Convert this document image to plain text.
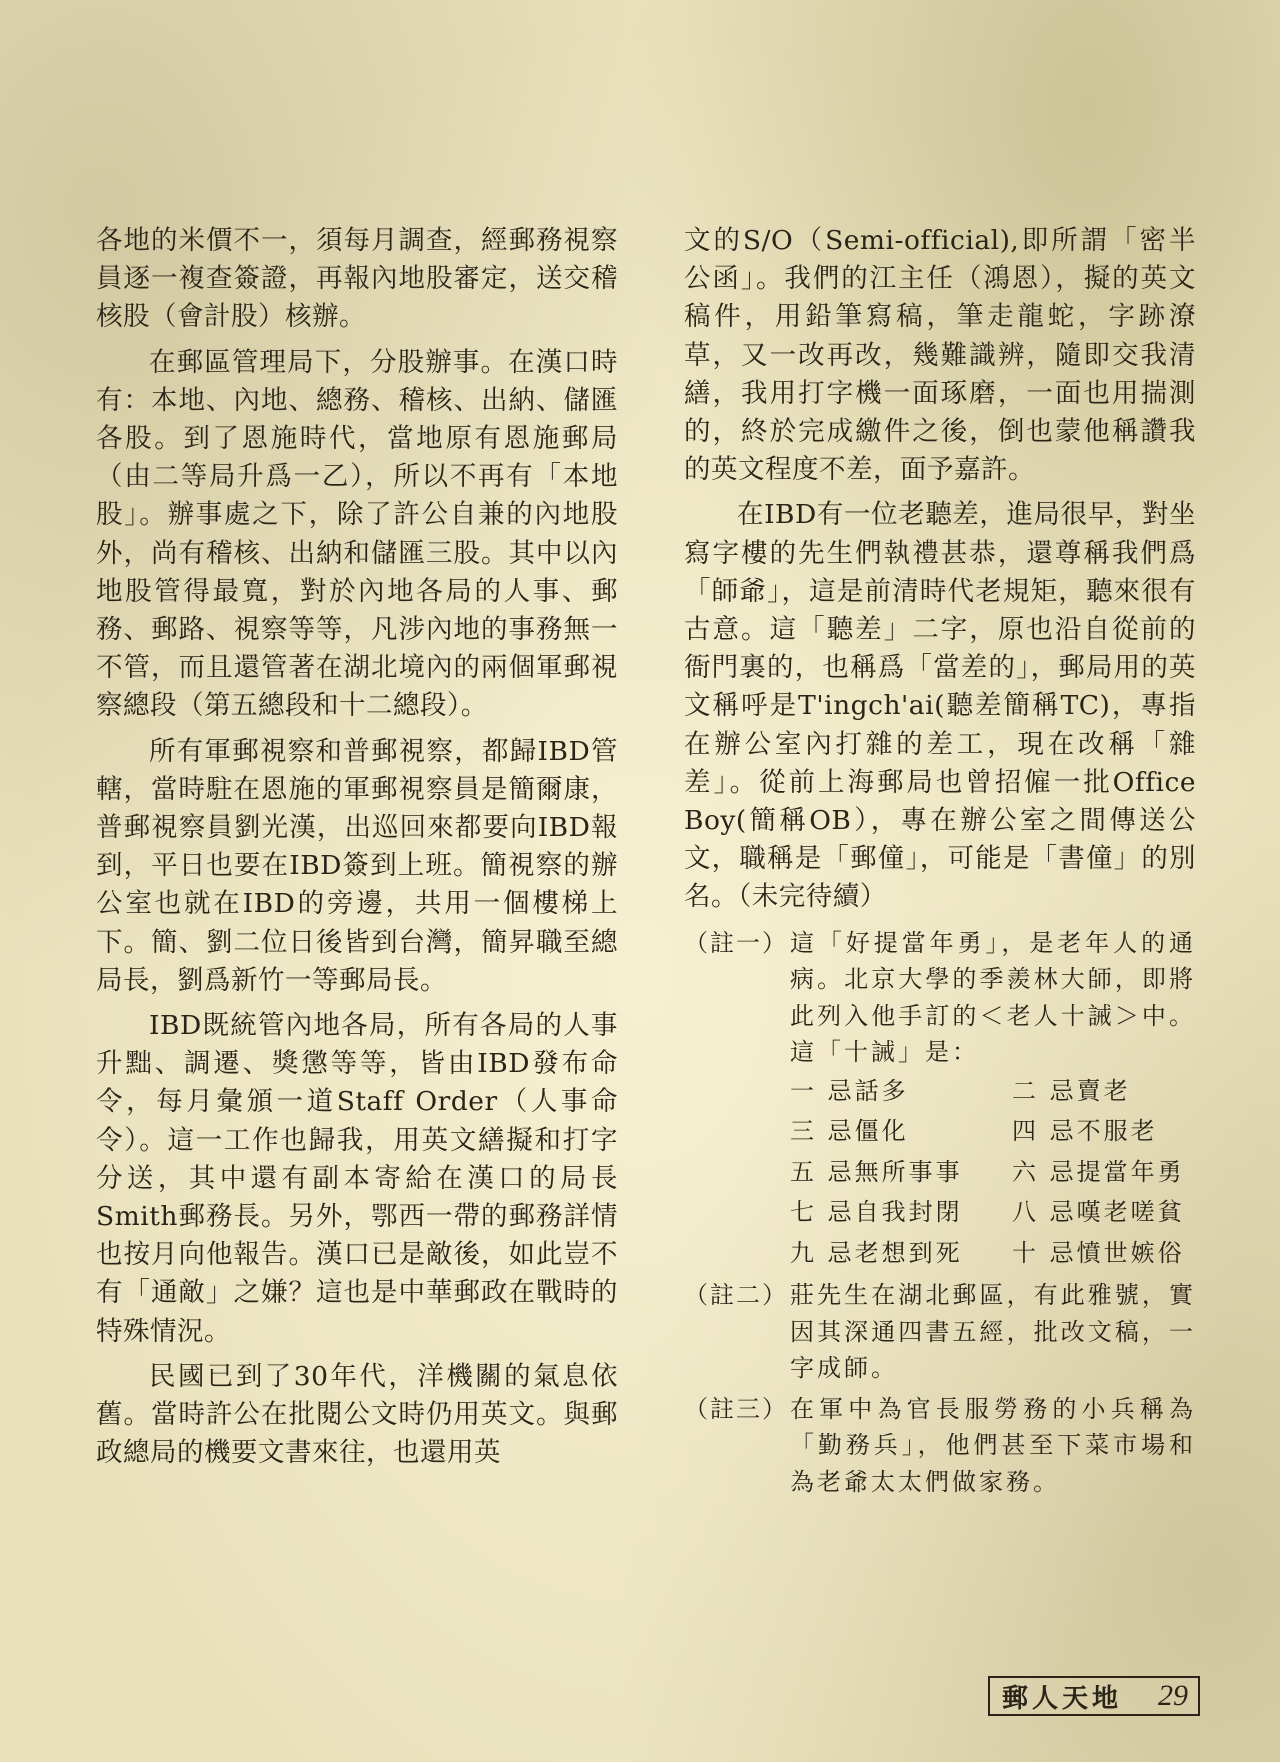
各地的米價不一，須每月調查，經郵務視察員逐一複查簽證，再報內地股審定，送交稽核股（會計股）核辦。

在郵區管理局下，分股辦事。在漢口時有：本地、內地、總務、稽核、出納、儲匯各股。到了恩施時代，當地原有恩施郵局（由二等局升爲一乙），所以不再有「本地股」。辦事處之下，除了許公自兼的內地股外，尚有稽核、出納和儲匯三股。其中以內地股管得最寬，對於內地各局的人事、郵務、郵路、視察等等，凡涉內地的事務無一不管，而且還管著在湖北境內的兩個軍郵視察總段（第五總段和十二總段）。

所有軍郵視察和普郵視察，都歸IBD管轄，當時駐在恩施的軍郵視察員是簡爾康，普郵視察員劉光漢，出巡回來都要向IBD報到，平日也要在IBD簽到上班。簡視察的辦公室也就在IBD的旁邊，共用一個樓梯上下。簡、劉二位日後皆到台灣，簡昇職至總局長，劉爲新竹一等郵局長。

IBD既統管內地各局，所有各局的人事升黜、調遷、獎懲等等，皆由IBD發布命令，每月彙頒一道Staff Order（人事命令）。這一工作也歸我，用英文繕擬和打字分送，其中還有副本寄給在漢口的局長Smith郵務長。另外，鄂西一帶的郵務詳情也按月向他報告。漢口已是敵後，如此豈不有「通敵」之嫌？這也是中華郵政在戰時的特殊情況。

民國已到了30年代，洋機關的氣息依舊。當時許公在批閱公文時仍用英文。與郵政總局的機要文書來往，也還用英

文的S/O（Semi-official),即所謂「密半公函」。我們的江主任（鴻恩），擬的英文稿件，用鉛筆寫稿，筆走龍蛇，字跡潦草，又一改再改，幾難識辨，隨即交我清繕，我用打字機一面琢磨，一面也用揣測的，終於完成繳件之後，倒也蒙他稱讚我的英文程度不差，面予嘉許。

在IBD有一位老聽差，進局很早，對坐寫字樓的先生們執禮甚恭，還尊稱我們爲「師爺」，這是前清時代老規矩，聽來很有古意。這「聽差」二字，原也沿自從前的衙門裏的，也稱爲「當差的」，郵局用的英文稱呼是T'ingch'ai(聽差簡稱TC)，專指在辦公室內打雜的差工，現在改稱「雜差」。從前上海郵局也曾招僱一批Office Boy(簡稱OB），專在辦公室之間傳送公文，職稱是「郵僮」，可能是「書僮」的別名。（未完待續）

（註一） 這「好提當年勇」，是老年人的通病。北京大學的季羨林大師，即將此列入他手訂的＜老人十誡＞中。這「十誡」是：
一 忌話多	二 忌賣老
三 忌僵化	四 忌不服老
五 忌無所事事	六 忌提當年勇
七 忌自我封閉	八 忌嘆老嗟貧
九 忌老想到死	十 忌憤世嫉俗
（註二） 莊先生在湖北郵區，有此雅號，實因其深通四書五經，批改文稿，一字成師。
（註三） 在軍中為官長服勞務的小兵稱為「勤務兵」，他們甚至下菜市場和為老爺太太們做家務。
郵人天地 29
